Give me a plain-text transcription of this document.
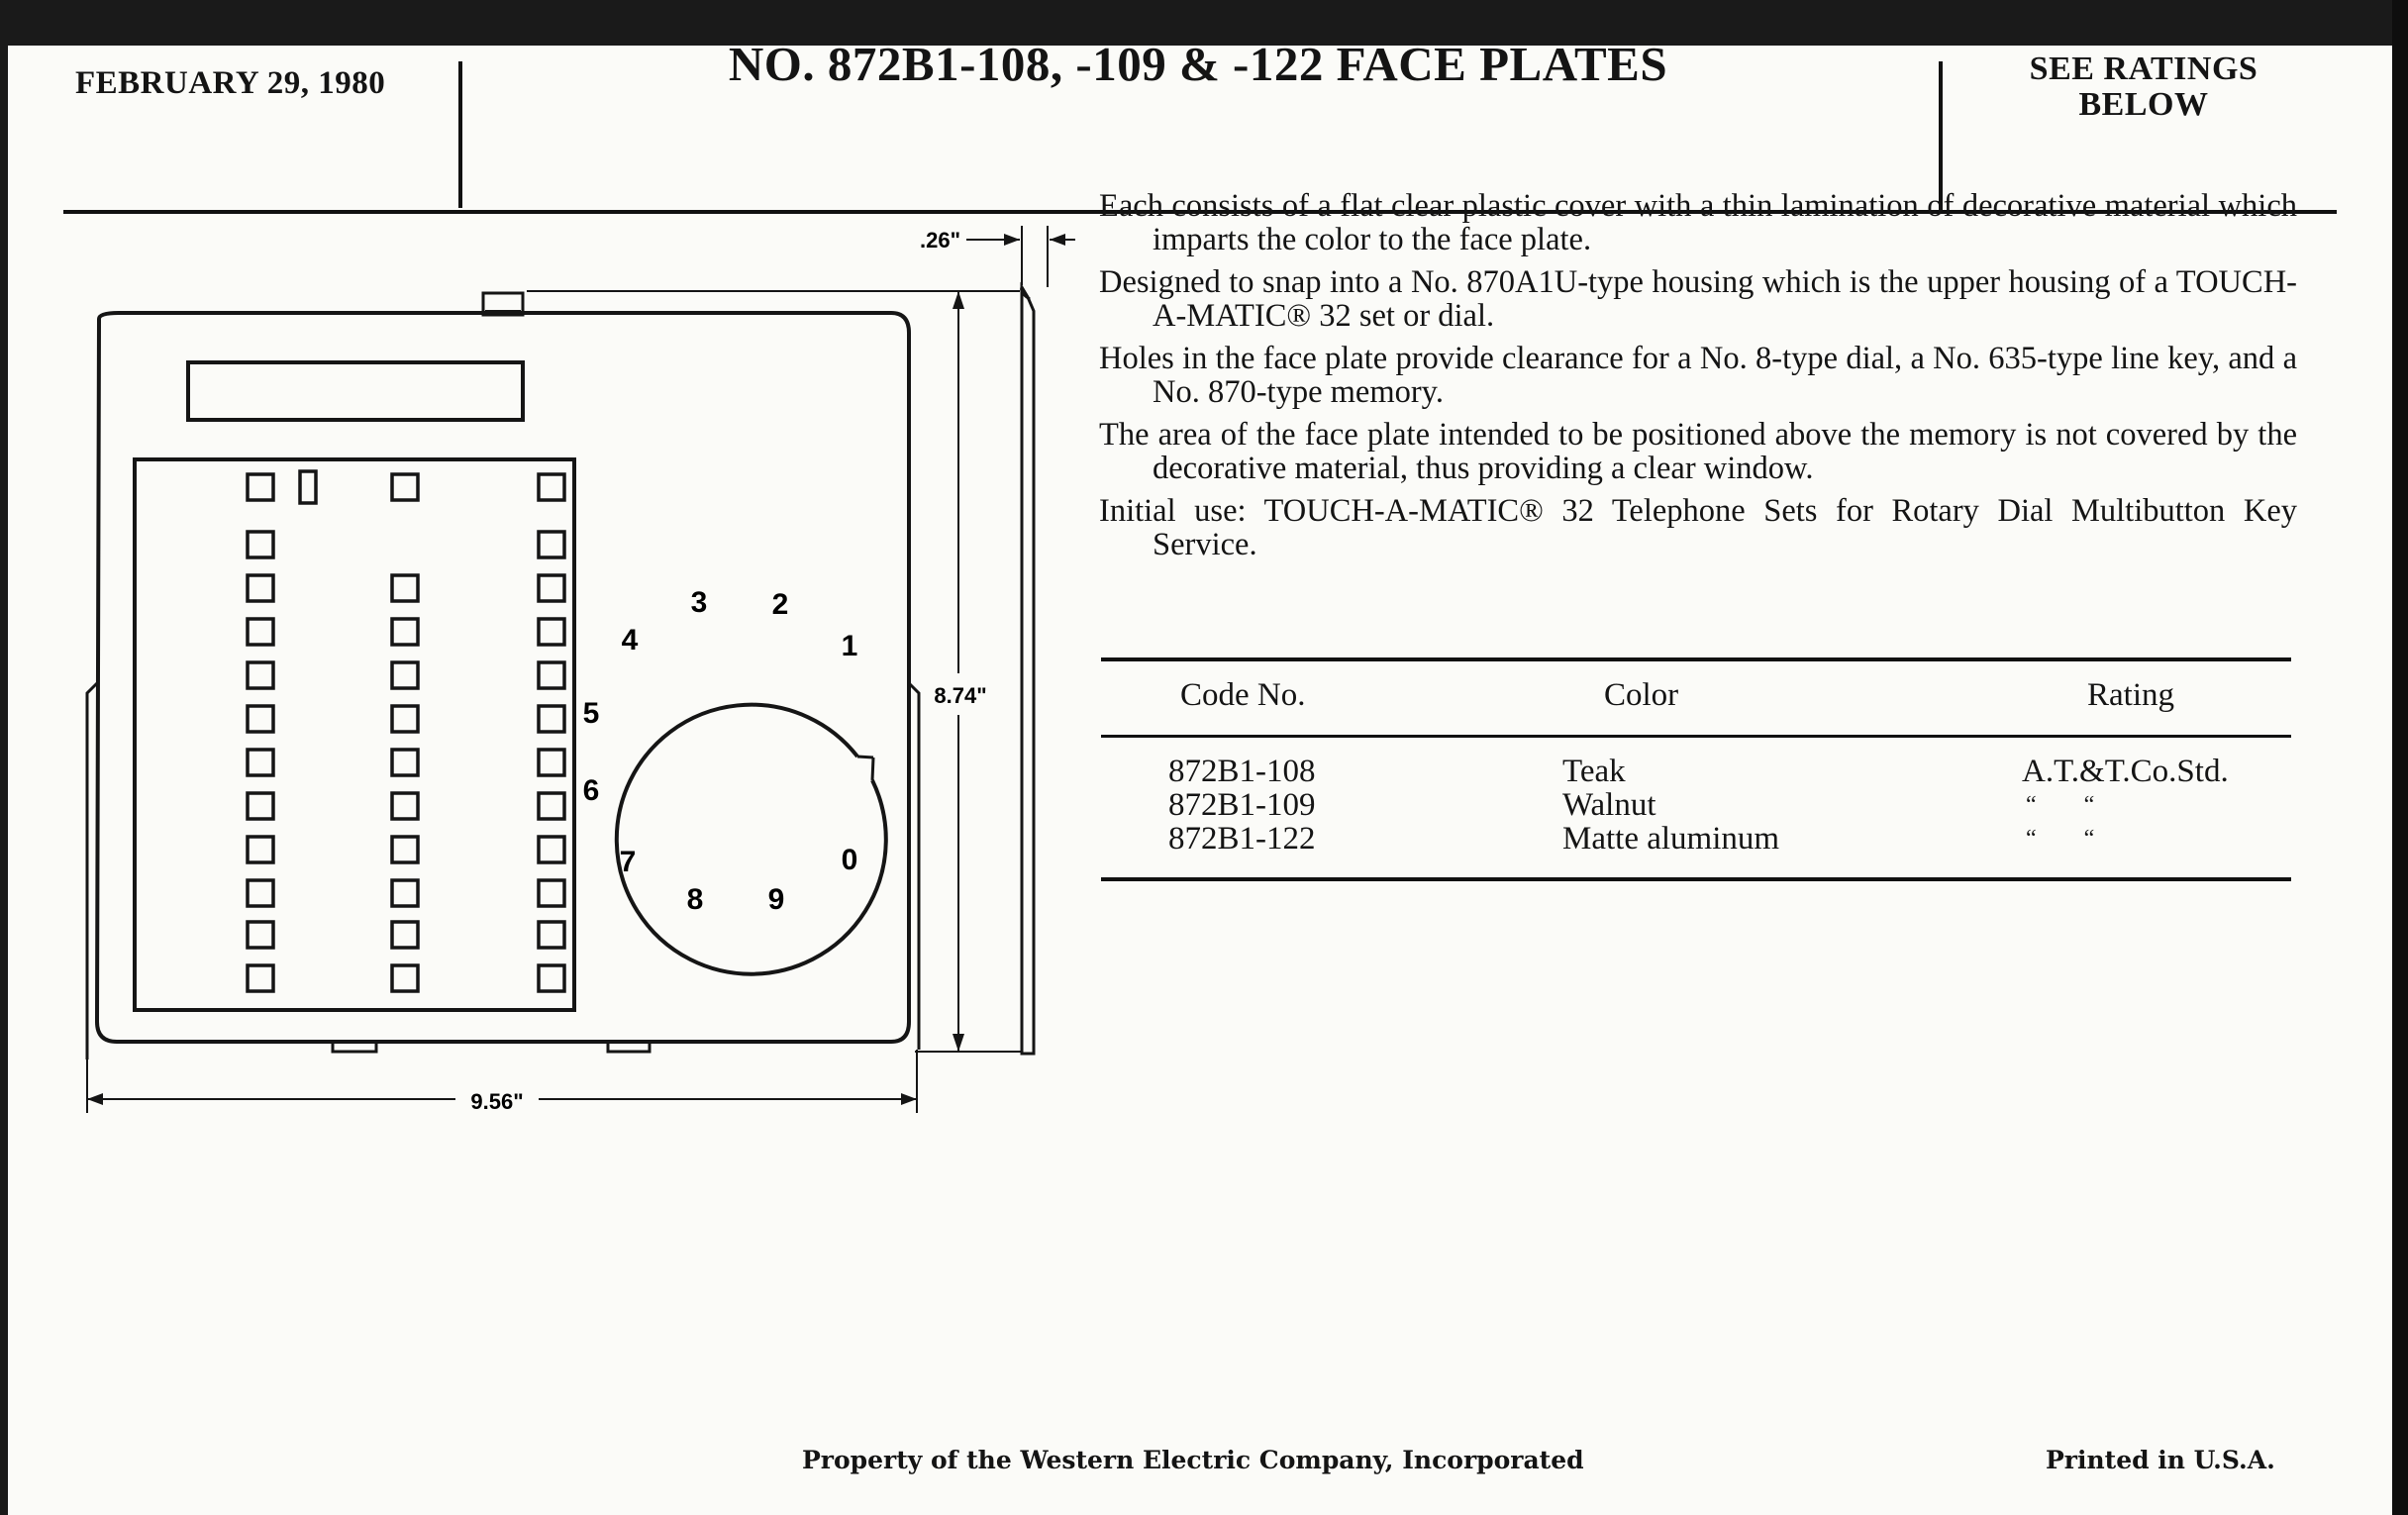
FEBRUARY 29, 1980	NO. 872B1-108, -109 & -122 FACE PLATES	SEE RATINGS
BELOW
9.56"
8.74"
.26"
1
2
3
4
5
6
7
8 9
0

Each consists of a flat clear plastic cover with a thin lamination of decorative material which imparts the color to the face plate.

Designed to snap into a No. 870A1U-type housing which is the upper housing of a TOUCH-A-MATIC® 32 set or dial.

Holes in the face plate provide clearance for a No. 8-type dial, a No. 635-type line key, and a No. 870-type memory.

The area of the face plate intended to be positioned above the memory is not covered by the decorative material, thus providing a clear window.

Initial use: TOUCH-A-MATIC® 32 Telephone Sets for Rotary Dial Multibutton Key Service.

Code No.	Color	Rating
872B1-108	Teak	A.T.&T.Co.Std.
872B1-109	Walnut	“        “
872B1-122	Matte aluminum	“        “
Property of the Western Electric Company, Incorporated	Printed in U.S.A.
